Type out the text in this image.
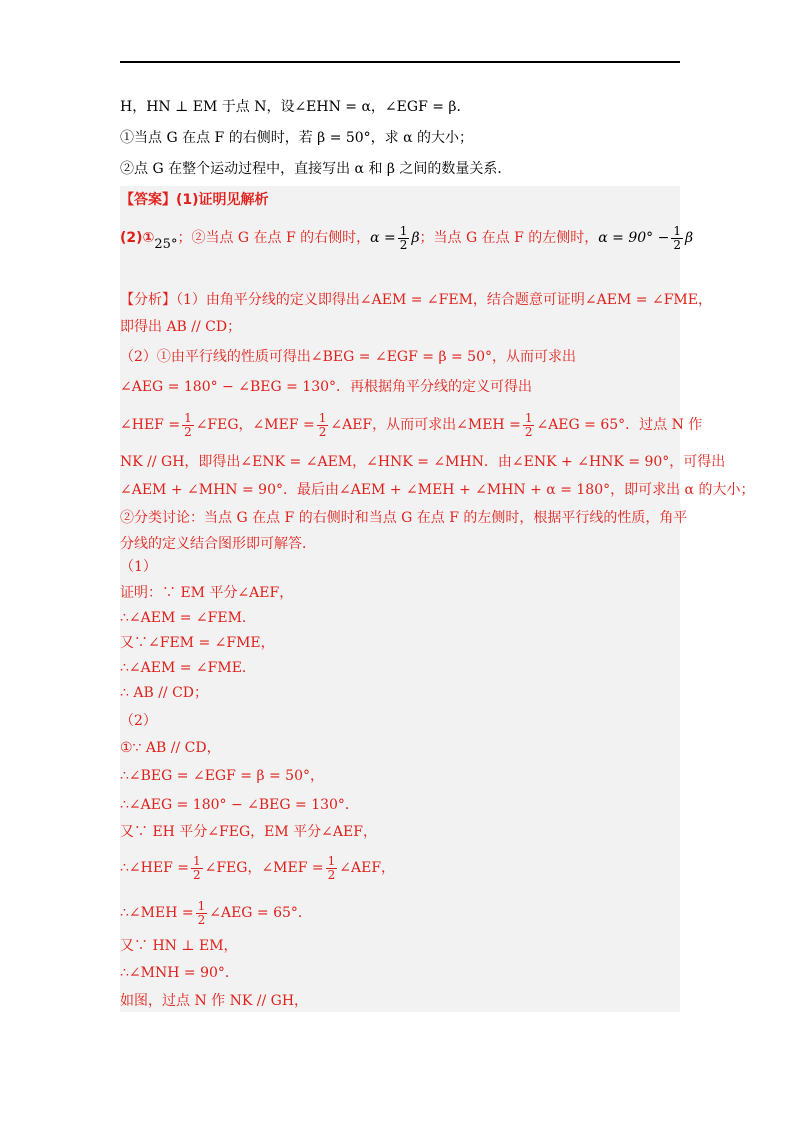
H，HN ⊥ EM 于点 N，设∠EHN = α，∠EGF = β．
①当点 G 在点 F 的右侧时，若 β = 50°，求 α 的大小；
②点 G 在整个运动过程中，直接写出 α 和 β 之间的数量关系．
【答案】(1)证明见解析
(2)①25°；②当点 G 在点 F 的右侧时，$\alpha = \frac{1}{2}$ β；当点 G 在点 F 的左侧时，$\alpha = 90^\circ - \frac{1}{2}$ β
【分析】（1）由角平分线的定义即得出∠AEM = ∠FEM，结合题意可证明∠AEM = ∠FME，
即得出 AB // CD；
（2）①由平行线的性质可得出∠BEG = ∠EGF = β = 50°，从而可求出
∠AEG = 180° − ∠BEG = 130°．再根据角平分线的定义可得出
∠HEF = $\frac{1}{2}$ ∠FEG，∠MEF = $\frac{1}{2}$ ∠AEF，从而可求出∠MEH = $\frac{1}{2}$ ∠AEG = 65°．过点 N 作
NK // GH，即得出∠ENK = ∠AEM，∠HNK = ∠MHN．由∠ENK + ∠HNK = 90°，可得出
∠AEM + ∠MHN = 90°．最后由∠AEM + ∠MEH + ∠MHN + α = 180°，即可求出 α 的大小；
②分类讨论：当点 G 在点 F 的右侧时和当点 G 在点 F 的左侧时，根据平行线的性质，角平
分线的定义结合图形即可解答．
（1）
证明：∵ EM 平分∠AEF，
∴∠AEM = ∠FEM．
又∵∠FEM = ∠FME，
∴∠AEM = ∠FME．
∴ AB // CD；
（2）
①∵ AB // CD，
∴∠BEG = ∠EGF = β = 50°，
∴∠AEG = 180° − ∠BEG = 130°．
又∵ EH 平分∠FEG，EM 平分∠AEF，
∴∠HEF = $\frac{1}{2}$ ∠FEG，∠MEF = $\frac{1}{2}$ ∠AEF，
∴∠MEH = $\frac{1}{2}$ ∠AEG = 65°．
又∵ HN ⊥ EM，
∴∠MNH = 90°．
如图，过点 N 作 NK // GH，
